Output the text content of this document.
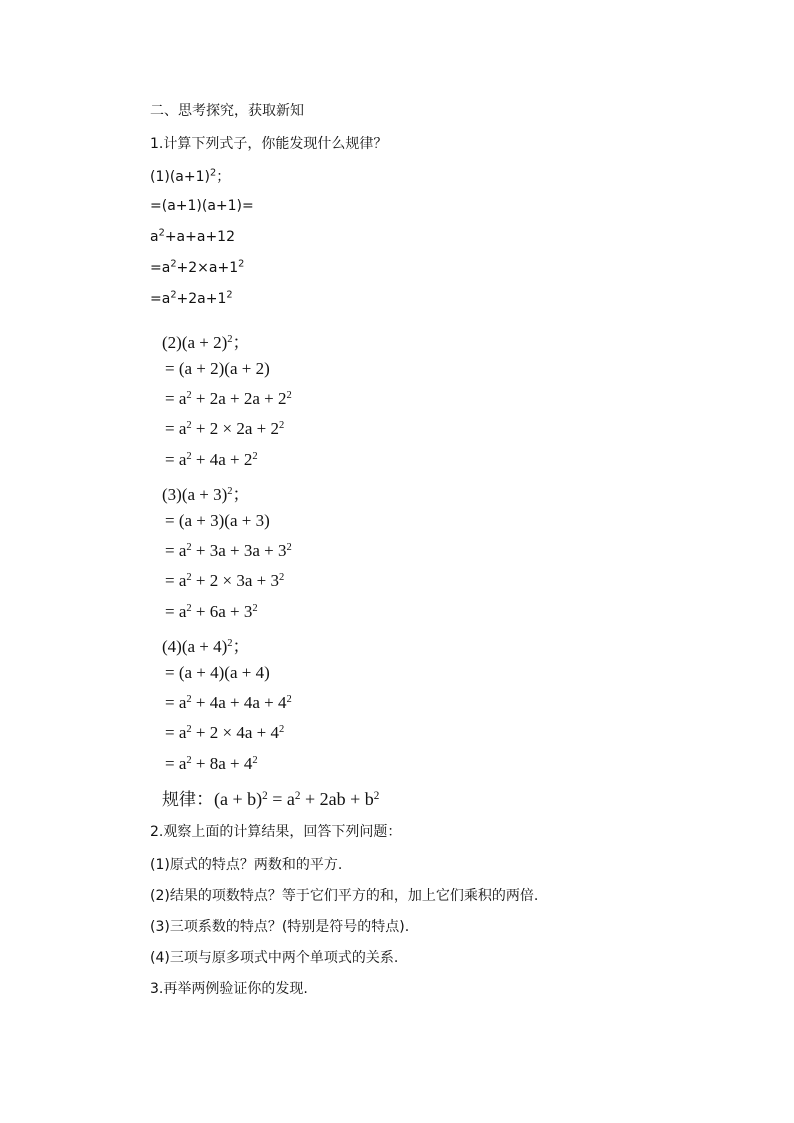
二、思考探究，获取新知
1.计算下列式子，你能发现什么规律？
$(1)(a+1)^2$；
=(a+1)(a+1)=
$a^2+a+a+12$
$=a^2+2\times a+1^2$
$=a^2+2a+1^2$
$(2)(a + 2)^2$；
= (a + 2)(a + 2)
= $a^2 + 2a + 2a + 2^2$
= $a^2 + 2 \times 2a + 2^2$
= $a^2 + 4a + 2^2$
$(3)(a + 3)^2$；
= (a + 3)(a + 3)
= $a^2 + 3a + 3a + 3^2$
= $a^2 + 2 \times 3a + 3^2$
= $a^2 + 6a + 3^2$
$(4)(a + 4)^2$；
= (a + 4)(a + 4)
= $a^2 + 4a + 4a + 4^2$
= $a^2 + 2 \times 4a + 4^2$
= $a^2 + 8a + 4^2$
规律：$(a + b)^2 = a^2 + 2ab + b^2$
2.观察上面的计算结果，回答下列问题：
(1)原式的特点？两数和的平方.
(2)结果的项数特点？等于它们平方的和，加上它们乘积的两倍.
(3)三项系数的特点？(特别是符号的特点).
(4)三项与原多项式中两个单项式的关系.
3.再举两例验证你的发现.
